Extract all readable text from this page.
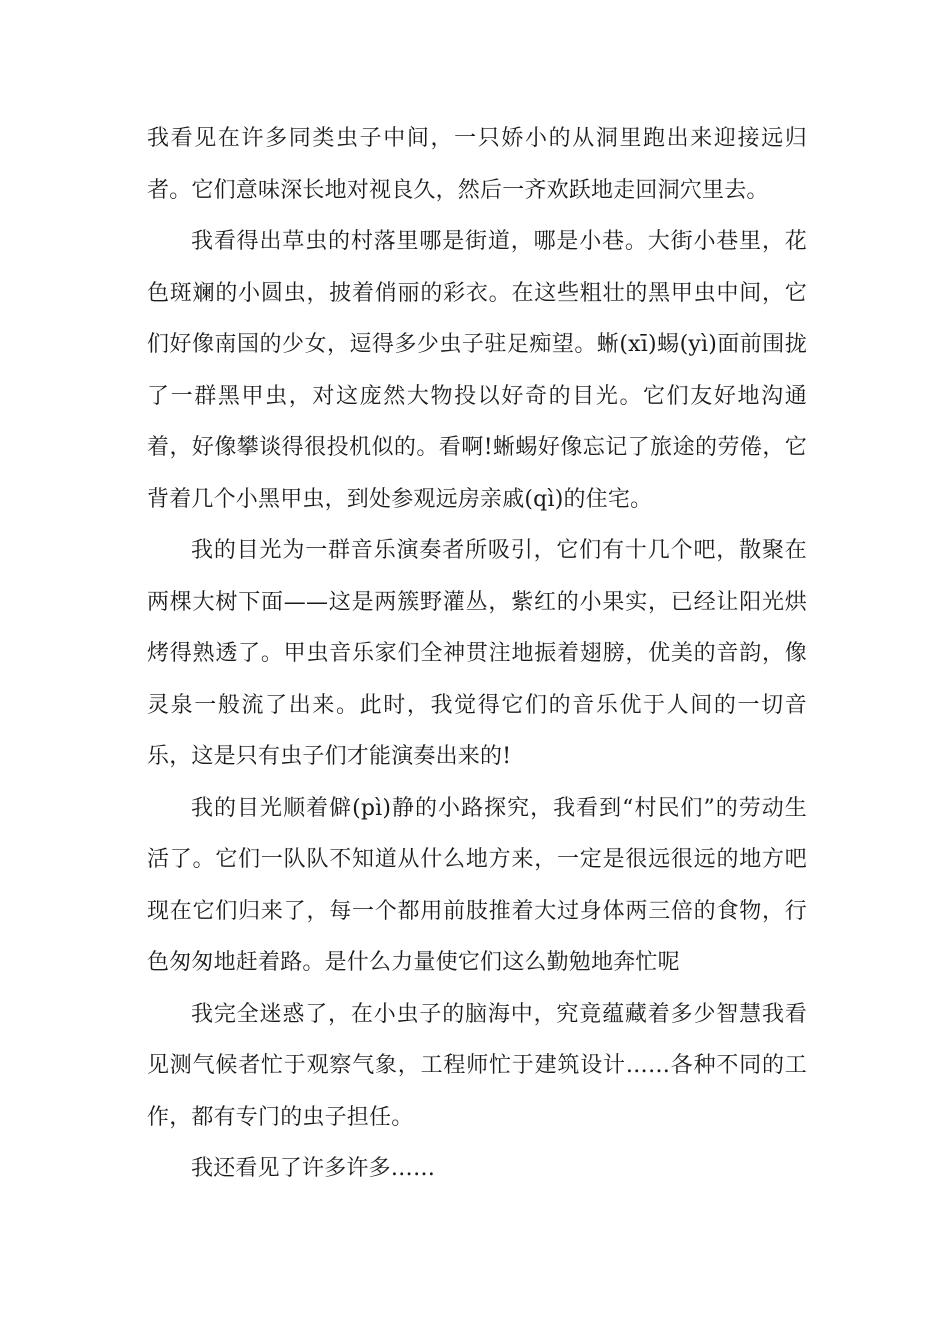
我看见在许多同类虫子中间，一只娇小的从洞里跑出来迎接远归者。它们意味深长地对视良久，然后一齐欢跃地走回洞穴里去。

我看得出草虫的村落里哪是街道，哪是小巷。大街小巷里，花色斑斓的小圆虫，披着俏丽的彩衣。在这些粗壮的黑甲虫中间，它们好像南国的少女，逗得多少虫子驻足痴望。蜥(xī)蜴(yì)面前围拢了一群黑甲虫，对这庞然大物投以好奇的目光。它们友好地沟通着，好像攀谈得很投机似的。看啊!蜥蜴好像忘记了旅途的劳倦，它背着几个小黑甲虫，到处参观远房亲戚(qì)的住宅。

我的目光为一群音乐演奏者所吸引，它们有十几个吧，散聚在两棵大树下面——这是两簇野灌丛，紫红的小果实，已经让阳光烘烤得熟透了。甲虫音乐家们全神贯注地振着翅膀，优美的音韵，像灵泉一般流了出来。此时，我觉得它们的音乐优于人间的一切音乐，这是只有虫子们才能演奏出来的!

我的目光顺着僻(pì)静的小路探究，我看到“村民们”的劳动生活了。它们一队队不知道从什么地方来，一定是很远很远的地方吧现在它们归来了，每一个都用前肢推着大过身体两三倍的食物，行色匆匆地赶着路。是什么力量使它们这么勤勉地奔忙呢

我完全迷惑了，在小虫子的脑海中，究竟蕴藏着多少智慧我看见测气候者忙于观察气象，工程师忙于建筑设计……各种不同的工作，都有专门的虫子担任。

我还看见了许多许多……
